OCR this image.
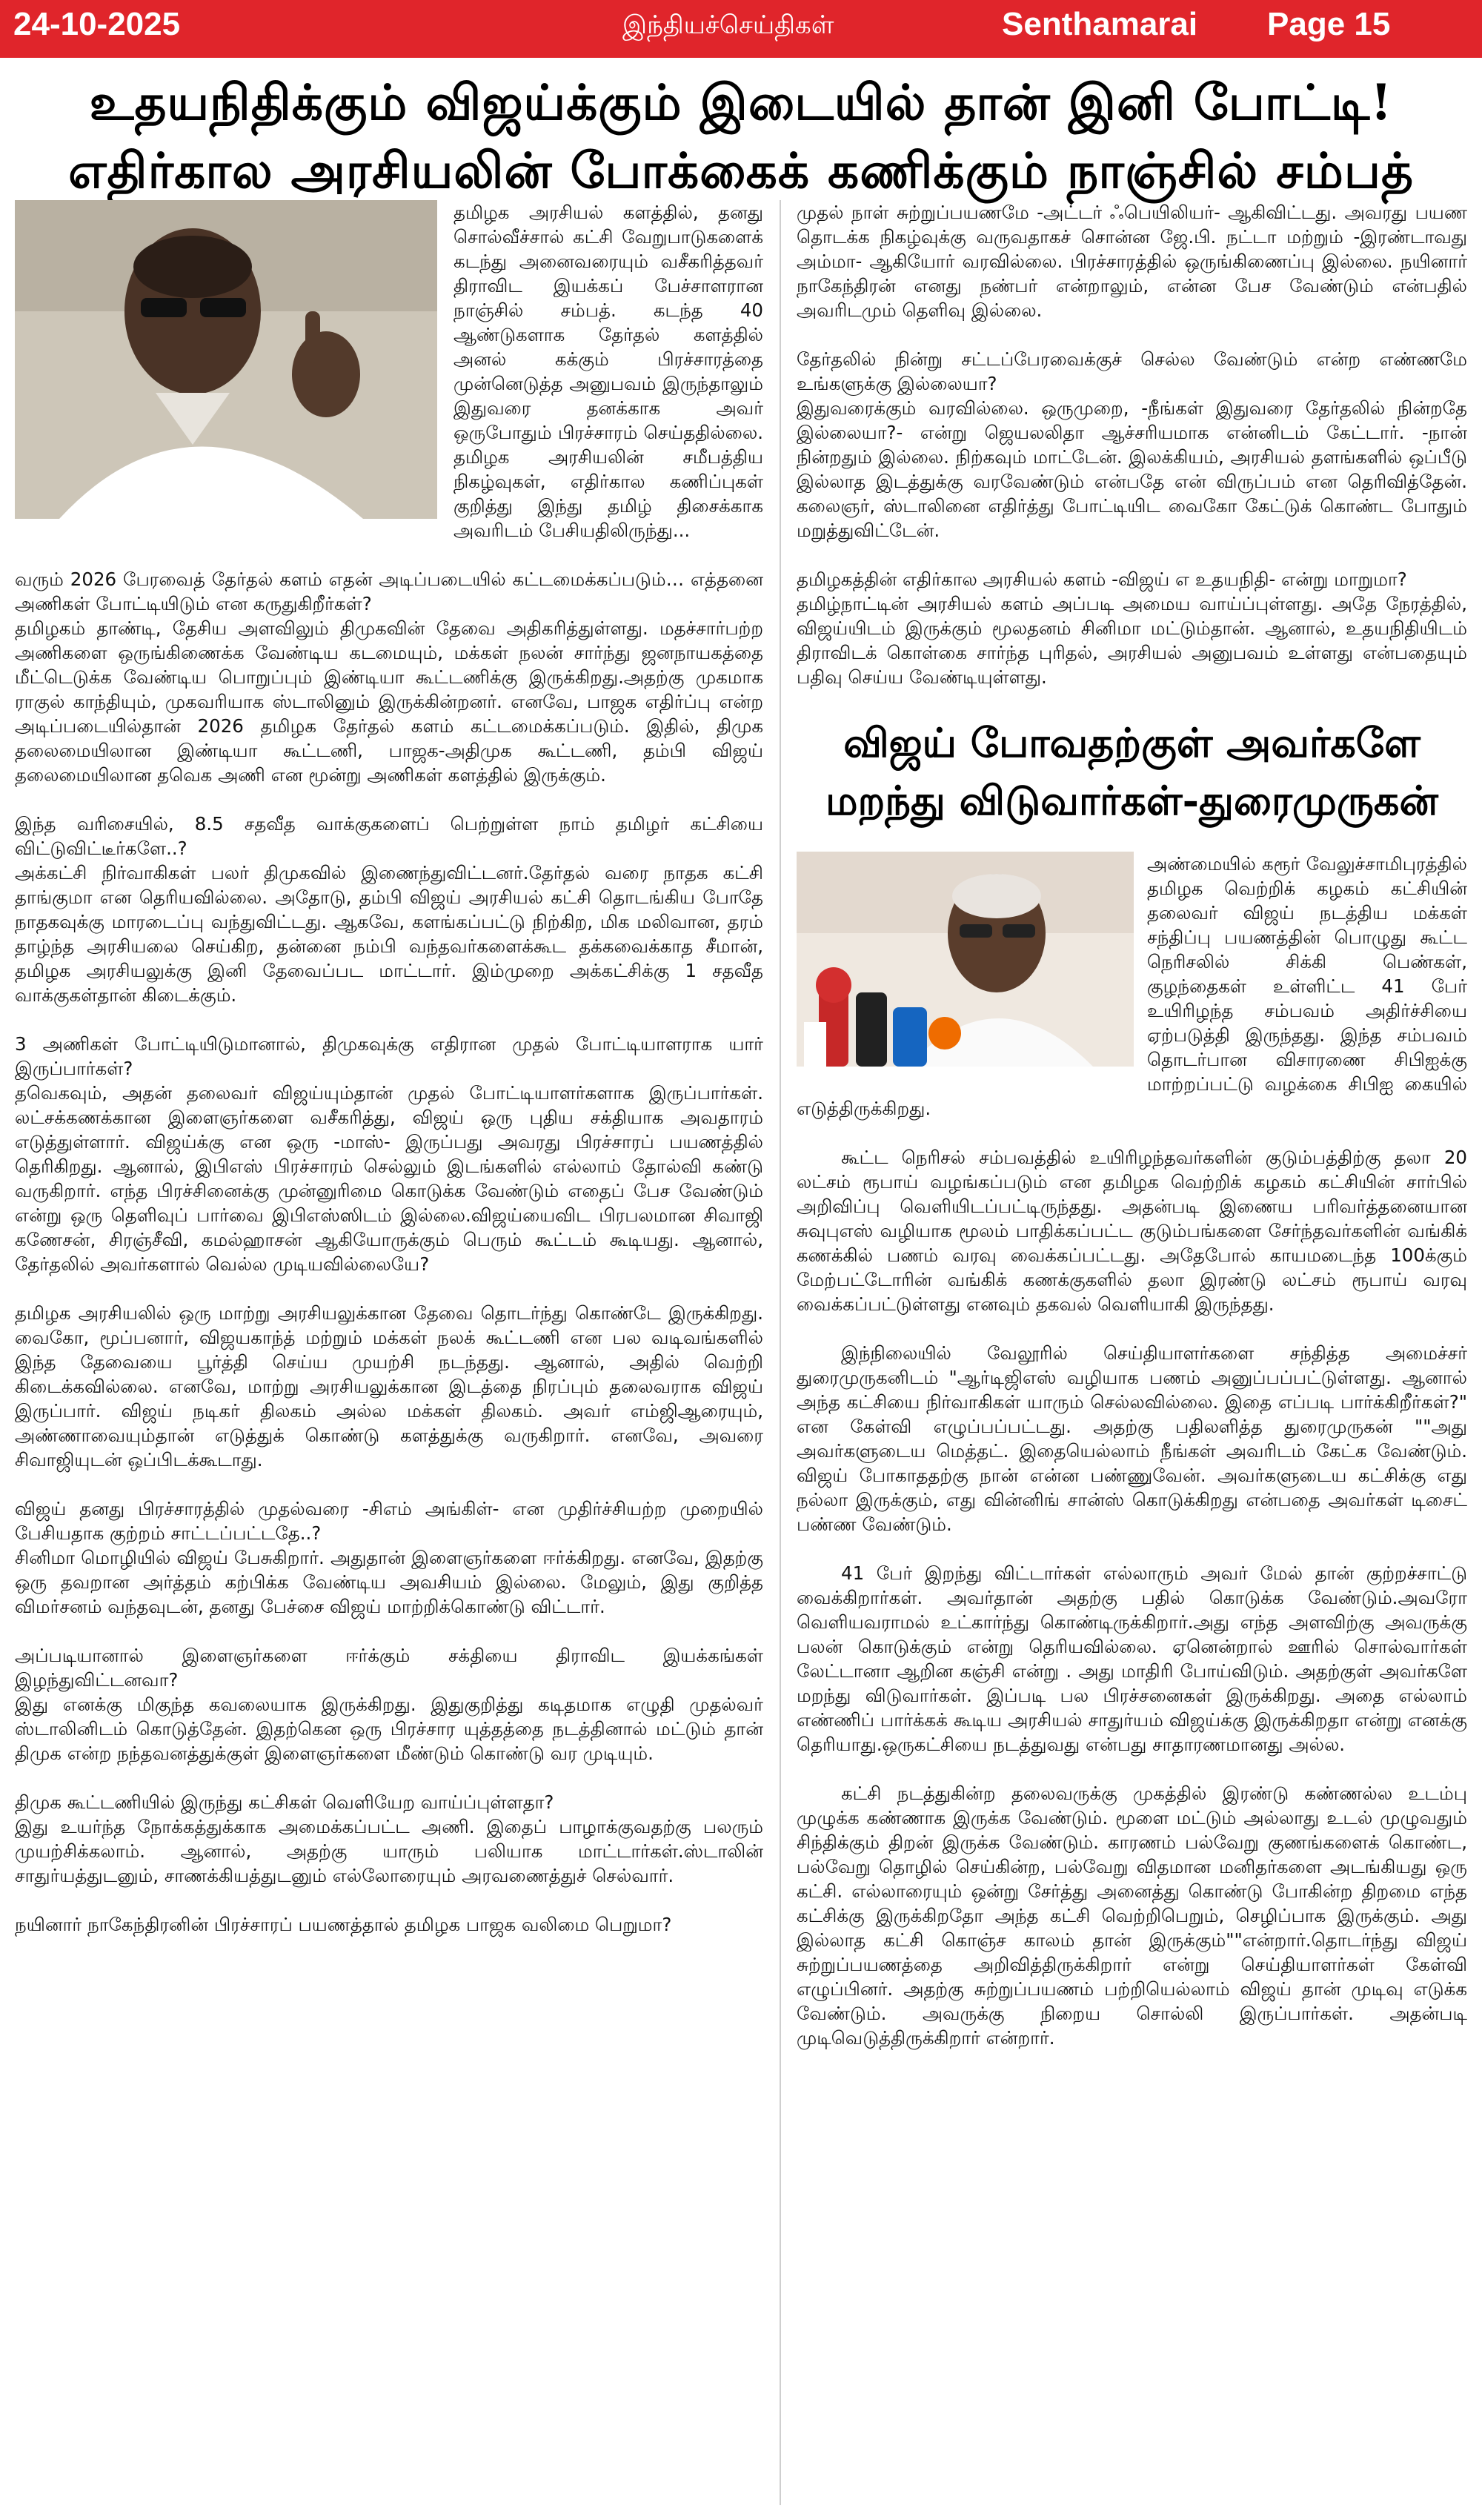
24-10-2025	இந்தியச்செய்திகள்	Senthamarai Page 15
உதயநிதிக்கும் விஜய்க்கும் இடையில் தான் இனி போட்டி!
எதிர்கால அரசியலின் போக்கைக் கணிக்கும் நாஞ்சில் சம்பத்

தமிழக அரசியல் களத்தில், தனது சொல்வீச்சால் கட்சி வேறுபாடுகளைக் கடந்து அனைவரையும் வசீகரித்தவர் திராவிட இயக்கப் பேச்சாளரான நாஞ்சில் சம்பத். கடந்த 40 ஆண்டுகளாக தேர்தல் களத்தில் அனல் கக்கும் பிரச்சாரத்தை முன்னெடுத்த அனுபவம் இருந்தாலும் இதுவரை தனக்காக அவர் ஒருபோதும் பிரச்சாரம் செய்ததில்லை. தமிழக அரசியலின் சமீபத்திய நிகழ்வுகள், எதிர்கால கணிப்புகள் குறித்து இந்து தமிழ் திசைக்காக அவரிடம் பேசியதிலிருந்து...

வரும் 2026 பேரவைத் தேர்தல் களம் எதன் அடிப்படையில் கட்டமைக்கப்படும்… எத்தனை அணிகள் போட்டியிடும் என கருதுகிறீர்கள்?
தமிழகம் தாண்டி, தேசிய அளவிலும் திமுகவின் தேவை அதிகரித்துள்ளது. மதச்சார்பற்ற அணிகளை ஒருங்கிணைக்க வேண்டிய கடமையும், மக்கள் நலன் சார்ந்து ஜனநாயகத்தை மீட்டெடுக்க வேண்டிய பொறுப்பும் இண்டியா கூட்டணிக்கு இருக்கிறது.அதற்கு முகமாக ராகுல் காந்தியும், முகவரியாக ஸ்டாலினும் இருக்கின்றனர். எனவே, பாஜக எதிர்ப்பு என்ற அடிப்படையில்தான் 2026 தமிழக தேர்தல் களம் கட்டமைக்கப்படும். இதில், திமுக தலைமையிலான இண்டியா கூட்டணி, பாஜக-அதிமுக கூட்டணி, தம்பி விஜய் தலைமையிலான தவெக அணி என மூன்று அணிகள் களத்தில் இருக்கும்.

இந்த வரிசையில், 8.5 சதவீத வாக்குகளைப் பெற்றுள்ள நாம் தமிழர் கட்சியை விட்டுவிட்டீர்களே..?
அக்கட்சி நிர்வாகிகள் பலர் திமுகவில் இணைந்துவிட்டனர்.தேர்தல் வரை நாதக கட்சி தாங்குமா என தெரியவில்லை. அதோடு, தம்பி விஜய் அரசியல் கட்சி தொடங்கிய போதே நாதகவுக்கு மாரடைப்பு வந்துவிட்டது. ஆகவே, களங்கப்பட்டு நிற்கிற, மிக மலிவான, தரம் தாழ்ந்த அரசியலை செய்கிற, தன்னை நம்பி வந்தவர்களைக்கூட தக்கவைக்காத சீமான், தமிழக அரசியலுக்கு இனி தேவைப்பட மாட்டார். இம்முறை அக்கட்சிக்கு 1 சதவீத வாக்குகள்தான் கிடைக்கும்.

3 அணிகள் போட்டியிடுமானால், திமுகவுக்கு எதிரான முதல் போட்டியாளராக யார் இருப்பார்கள்?
தவெகவும், அதன் தலைவர் விஜய்யும்தான் முதல் போட்டியாளர்களாக இருப்பார்கள். லட்சக்கணக்கான இளைஞர்களை வசீகரித்து, விஜய் ஒரு புதிய சக்தியாக அவதாரம் எடுத்துள்ளார். விஜய்க்கு என ஒரு -மாஸ்- இருப்பது அவரது பிரச்சாரப் பயணத்தில் தெரிகிறது. ஆனால், இபிஎஸ் பிரச்சாரம் செல்லும் இடங்களில் எல்லாம் தோல்வி கண்டு வருகிறார். எந்த பிரச்சினைக்கு முன்னுரிமை கொடுக்க வேண்டும் எதைப் பேச வேண்டும் என்று ஒரு தெளிவுப் பார்வை இபிஎஸ்ஸிடம் இல்லை.விஜய்யைவிட பிரபலமான சிவாஜி கணேசன், சிரஞ்சீவி, கமல்ஹாசன் ஆகியோருக்கும் பெரும் கூட்டம் கூடியது. ஆனால், தேர்தலில் அவர்களால் வெல்ல முடியவில்லையே?

தமிழக அரசியலில் ஒரு மாற்று அரசியலுக்கான தேவை தொடர்ந்து கொண்டே இருக்கிறது. வைகோ, மூப்பனார், விஜயகாந்த் மற்றும் மக்கள் நலக் கூட்டணி என பல வடிவங்களில் இந்த தேவையை பூர்த்தி செய்ய முயற்சி நடந்தது. ஆனால், அதில் வெற்றி கிடைக்கவில்லை. எனவே, மாற்று அரசியலுக்கான இடத்தை நிரப்பும் தலைவராக விஜய் இருப்பார். விஜய் நடிகர் திலகம் அல்ல மக்கள் திலகம். அவர் எம்ஜிஆரையும், அண்ணாவையும்தான் எடுத்துக் கொண்டு களத்துக்கு வருகிறார். எனவே, அவரை சிவாஜியுடன் ஒப்பிடக்கூடாது.

விஜய் தனது பிரச்சாரத்தில் முதல்வரை -சிஎம் அங்கிள்- என முதிர்ச்சியற்ற முறையில் பேசியதாக குற்றம் சாட்டப்பட்டதே..?
சினிமா மொழியில் விஜய் பேசுகிறார். அதுதான் இளைஞர்களை ஈர்க்கிறது. எனவே, இதற்கு ஒரு தவறான அர்த்தம் கற்பிக்க வேண்டிய அவசியம் இல்லை. மேலும், இது குறித்த விமர்சனம் வந்தவுடன், தனது பேச்சை விஜய் மாற்றிக்கொண்டு விட்டார்.

அப்படியானால் இளைஞர்களை ஈர்க்கும் சக்தியை திராவிட இயக்கங்கள் இழந்துவிட்டனவா?
இது எனக்கு மிகுந்த கவலையாக இருக்கிறது. இதுகுறித்து கடிதமாக எழுதி முதல்வர் ஸ்டாலினிடம் கொடுத்தேன். இதற்கென ஒரு பிரச்சார யுத்தத்தை நடத்தினால் மட்டும் தான் திமுக என்ற நந்தவனத்துக்குள் இளைஞர்களை மீண்டும் கொண்டு வர முடியும்.

திமுக கூட்டணியில் இருந்து கட்சிகள் வெளியேற வாய்ப்புள்ளதா?
இது உயர்ந்த நோக்கத்துக்காக அமைக்கப்பட்ட அணி. இதைப் பாழாக்குவதற்கு பலரும் முயற்சிக்கலாம். ஆனால், அதற்கு யாரும் பலியாக மாட்டார்கள்.ஸ்டாலின் சாதுர்யத்துடனும், சாணக்கியத்துடனும் எல்லோரையும் அரவணைத்துச் செல்வார்.

நயினார் நாகேந்திரனின் பிரச்சாரப் பயணத்தால் தமிழக பாஜக வலிமை பெறுமா?

முதல் நாள் சுற்றுப்பயணமே -அட்டர் ஃபெயிலியர்- ஆகிவிட்டது. அவரது பயண தொடக்க நிகழ்வுக்கு வருவதாகச் சொன்ன ஜே.பி. நட்டா மற்றும் -இரண்டாவது அம்மா- ஆகியோர் வரவில்லை. பிரச்சாரத்தில் ஒருங்கிணைப்பு இல்லை. நயினார் நாகேந்திரன் எனது நண்பர் என்றாலும், என்ன பேச வேண்டும் என்பதில் அவரிடமும் தெளிவு இல்லை.

தேர்தலில் நின்று சட்டப்பேரவைக்குச் செல்ல வேண்டும் என்ற எண்ணமே உங்களுக்கு இல்லையா?
இதுவரைக்கும் வரவில்லை. ஒருமுறை, -நீங்கள் இதுவரை தேர்தலில் நின்றதே இல்லையா?- என்று ஜெயலலிதா ஆச்சரியமாக என்னிடம் கேட்டார். -நான் நின்றதும் இல்லை. நிற்கவும் மாட்டேன். இலக்கியம், அரசியல் தளங்களில் ஒப்பீடு இல்லாத இடத்துக்கு வரவேண்டும் என்பதே என் விருப்பம் என தெரிவித்தேன். கலைஞர், ஸ்டாலினை எதிர்த்து போட்டியிட வைகோ கேட்டுக் கொண்ட போதும் மறுத்துவிட்டேன்.

தமிழகத்தின் எதிர்கால அரசியல் களம் -விஜய் எ உதயநிதி- என்று மாறுமா?
தமிழ்நாட்டின் அரசியல் களம் அப்படி அமைய வாய்ப்புள்ளது. அதே நேரத்தில், விஜய்யிடம் இருக்கும் மூலதனம் சினிமா மட்டும்தான். ஆனால், உதயநிதியிடம் திராவிடக் கொள்கை சார்ந்த புரிதல், அரசியல் அனுபவம் உள்ளது என்பதையும் பதிவு செய்ய வேண்டியுள்ளது.

விஜய் போவதற்குள் அவர்களே
மறந்து விடுவார்கள்-துரைமுருகன்

அண்மையில் கரூர் வேலுச்சாமிபுரத்தில் தமிழக வெற்றிக் கழகம் கட்சியின் தலைவர் விஜய் நடத்திய மக்கள் சந்திப்பு பயணத்தின் பொழுது கூட்ட நெரிசலில் சிக்கி பெண்கள், குழந்தைகள் உள்ளிட்ட 41 பேர் உயிரிழந்த சம்பவம் அதிர்ச்சியை ஏற்படுத்தி இருந்தது. இந்த சம்பவம் தொடர்பான விசாரணை சிபிஐக்கு மாற்றப்பட்டு வழக்கை சிபிஐ கையில் எடுத்திருக்கிறது.

கூட்ட நெரிசல் சம்பவத்தில் உயிரிழந்தவர்களின் குடும்பத்திற்கு தலா 20 லட்சம் ரூபாய் வழங்கப்படும் என தமிழக வெற்றிக் கழகம் கட்சியின் சார்பில் அறிவிப்பு வெளியிடப்பட்டிருந்தது. அதன்படி இணைய பரிவர்த்தனையான சுவுபுஎஸ் வழியாக மூலம் பாதிக்கப்பட்ட குடும்பங்களை சேர்ந்தவர்களின் வங்கிக் கணக்கில் பணம் வரவு வைக்கப்பட்டது. அதேபோல் காயமடைந்த 100க்கும் மேற்பட்டோரின் வங்கிக் கணக்குகளில் தலா இரண்டு லட்சம் ரூபாய் வரவு வைக்கப்பட்டுள்ளது எனவும் தகவல் வெளியாகி இருந்தது.

இந்நிலையில் வேலூரில் செய்தியாளர்களை சந்தித்த அமைச்சர் துரைமுருகனிடம் "ஆர்டிஜிஎஸ் வழியாக பணம் அனுப்பப்பட்டுள்ளது. ஆனால் அந்த கட்சியை நிர்வாகிகள் யாரும் செல்லவில்லை. இதை எப்படி பார்க்கிறீர்கள்?" என கேள்வி எழுப்பப்பட்டது. அதற்கு பதிலளித்த துரைமுருகன் ""அது அவர்களுடைய மெத்தட். இதையெல்லாம் நீங்கள் அவரிடம் கேட்க வேண்டும். விஜய் போகாததற்கு நான் என்ன பண்ணுவேன். அவர்களுடைய கட்சிக்கு எது நல்லா இருக்கும், எது வின்னிங் சான்ஸ் கொடுக்கிறது என்பதை அவர்கள் டிசைட் பண்ண வேண்டும்.

41 பேர் இறந்து விட்டார்கள் எல்லாரும் அவர் மேல் தான் குற்றச்சாட்டு வைக்கிறார்கள். அவர்தான் அதற்கு பதில் கொடுக்க வேண்டும்.அவரோ வெளியவராமல் உட்கார்ந்து கொண்டிருக்கிறார்.அது எந்த அளவிற்கு அவருக்கு பலன் கொடுக்கும் என்று தெரியவில்லை. ஏனென்றால் ஊரில் சொல்வார்கள் லேட்டானா ஆறின கஞ்சி என்று . அது மாதிரி போய்விடும். அதற்குள் அவர்களே மறந்து விடுவார்கள். இப்படி பல பிரச்சனைகள் இருக்கிறது. அதை எல்லாம் எண்ணிப் பார்க்கக் கூடிய அரசியல் சாதுர்யம் விஜய்க்கு இருக்கிறதா என்று எனக்கு தெரியாது.ஒருகட்சியை நடத்துவது என்பது சாதாரணமானது அல்ல.

கட்சி நடத்துகின்ற தலைவருக்கு முகத்தில் இரண்டு கண்ணல்ல உடம்பு முழுக்க கண்ணாக இருக்க வேண்டும். மூளை மட்டும் அல்லாது உடல் முழுவதும் சிந்திக்கும் திறன் இருக்க வேண்டும். காரணம் பல்வேறு குணங்களைக் கொண்ட, பல்வேறு தொழில் செய்கின்ற, பல்வேறு விதமான மனிதர்களை அடங்கியது ஒரு கட்சி. எல்லாரையும் ஒன்று சேர்த்து அனைத்து கொண்டு போகின்ற திறமை எந்த கட்சிக்கு இருக்கிறதோ அந்த கட்சி வெற்றிபெறும், செழிப்பாக இருக்கும். அது இல்லாத கட்சி கொஞ்ச காலம் தான் இருக்கும்""என்றார்.தொடர்ந்து விஜய் சுற்றுப்பயணத்தை அறிவித்திருக்கிறார் என்று செய்தியாளர்கள் கேள்வி எழுப்பினர். அதற்கு சுற்றுப்பயணம் பற்றியெல்லாம் விஜய் தான் முடிவு எடுக்க வேண்டும். அவருக்கு நிறைய சொல்லி இருப்பார்கள். அதன்படி முடிவெடுத்திருக்கிறார் என்றார்.
